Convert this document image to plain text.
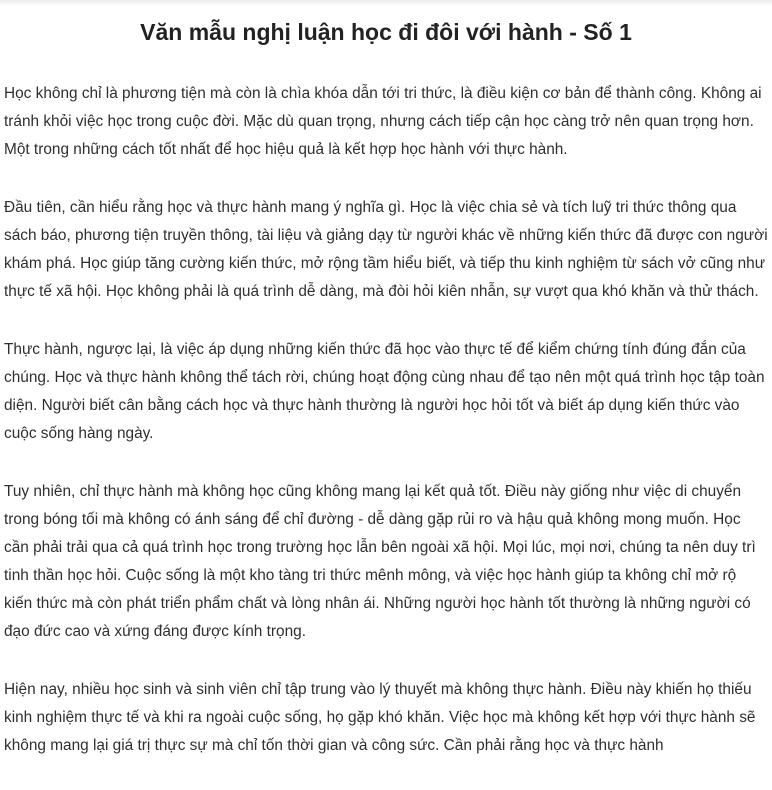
Văn mẫu nghị luận học đi đôi với hành - Số 1

Học không chỉ là phương tiện mà còn là chìa khóa dẫn tới tri thức, là điều kiện cơ bản để thành công. Không ai tránh khỏi việc học trong cuộc đời. Mặc dù quan trọng, nhưng cách tiếp cận học càng trở nên quan trọng hơn. Một trong những cách tốt nhất để học hiệu quả là kết hợp học hành với thực hành.

Đầu tiên, cần hiểu rằng học và thực hành mang ý nghĩa gì. Học là việc chia sẻ và tích luỹ tri thức thông qua sách báo, phương tiện truyền thông, tài liệu và giảng dạy từ người khác về những kiến thức đã được con người khám phá. Học giúp tăng cường kiến thức, mở rộng tầm hiểu biết, và tiếp thu kinh nghiệm từ sách vở cũng như thực tế xã hội. Học không phải là quá trình dễ dàng, mà đòi hỏi kiên nhẫn, sự vượt qua khó khăn và thử thách.

Thực hành, ngược lại, là việc áp dụng những kiến thức đã học vào thực tế để kiểm chứng tính đúng đắn của chúng. Học và thực hành không thể tách rời, chúng hoạt động cùng nhau để tạo nên một quá trình học tập toàn diện. Người biết cân bằng cách học và thực hành thường là người học hỏi tốt và biết áp dụng kiến thức vào cuộc sống hàng ngày.

Tuy nhiên, chỉ thực hành mà không học cũng không mang lại kết quả tốt. Điều này giống như việc di chuyển trong bóng tối mà không có ánh sáng để chỉ đường - dễ dàng gặp rủi ro và hậu quả không mong muốn. Học cần phải trải qua cả quá trình học trong trường học lẫn bên ngoài xã hội. Mọi lúc, mọi nơi, chúng ta nên duy trì tinh thần học hỏi. Cuộc sống là một kho tàng tri thức mênh mông, và việc học hành giúp ta không chỉ mở rộ kiến thức mà còn phát triển phẩm chất và lòng nhân ái. Những người học hành tốt thường là những người có đạo đức cao và xứng đáng được kính trọng.

Hiện nay, nhiều học sinh và sinh viên chỉ tập trung vào lý thuyết mà không thực hành. Điều này khiến họ thiếu kinh nghiệm thực tế và khi ra ngoài cuộc sống, họ gặp khó khăn. Việc học mà không kết hợp với thực hành sẽ không mang lại giá trị thực sự mà chỉ tốn thời gian và công sức. Cần phải rằng học và thực hành
